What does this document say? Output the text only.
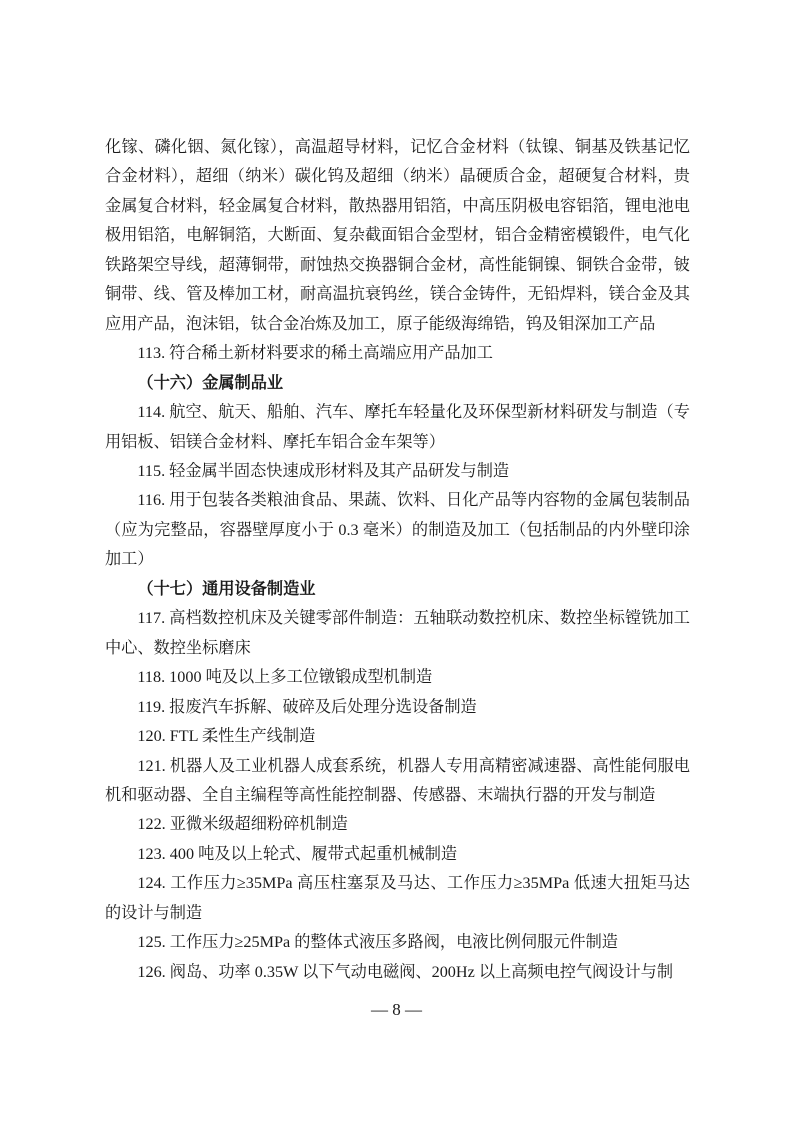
化镓、磷化铟、氮化镓），高温超导材料，记忆合金材料（钛镍、铜基及铁基记忆合金材料），超细（纳米）碳化钨及超细（纳米）晶硬质合金，超硬复合材料，贵金属复合材料，轻金属复合材料，散热器用铝箔，中高压阴极电容铝箔，锂电池电极用铝箔，电解铜箔，大断面、复杂截面铝合金型材，铝合金精密模锻件，电气化铁路架空导线，超薄铜带，耐蚀热交换器铜合金材，高性能铜镍、铜铁合金带，铍铜带、线、管及棒加工材，耐高温抗衰钨丝，镁合金铸件，无铅焊料，镁合金及其应用产品，泡沫铝，钛合金冶炼及加工，原子能级海绵锆，钨及钼深加工产品

113. 符合稀土新材料要求的稀土高端应用产品加工

（十六）金属制品业

114. 航空、航天、船舶、汽车、摩托车轻量化及环保型新材料研发与制造（专用铝板、铝镁合金材料、摩托车铝合金车架等）

115. 轻金属半固态快速成形材料及其产品研发与制造

116. 用于包装各类粮油食品、果蔬、饮料、日化产品等内容物的金属包装制品（应为完整品，容器壁厚度小于 0.3 毫米）的制造及加工（包括制品的内外壁印涂加工）

（十七）通用设备制造业

117. 高档数控机床及关键零部件制造：五轴联动数控机床、数控坐标镗铣加工中心、数控坐标磨床

118. 1000 吨及以上多工位镦锻成型机制造

119. 报废汽车拆解、破碎及后处理分选设备制造

120. FTL 柔性生产线制造

121. 机器人及工业机器人成套系统，机器人专用高精密减速器、高性能伺服电机和驱动器、全自主编程等高性能控制器、传感器、末端执行器的开发与制造

122. 亚微米级超细粉碎机制造

123. 400 吨及以上轮式、履带式起重机械制造

124. 工作压力≥35MPa 高压柱塞泵及马达、工作压力≥35MPa 低速大扭矩马达的设计与制造

125. 工作压力≥25MPa 的整体式液压多路阀，电液比例伺服元件制造

126. 阀岛、功率 0.35W 以下气动电磁阀、200Hz 以上高频电控气阀设计与制

— 8 —
